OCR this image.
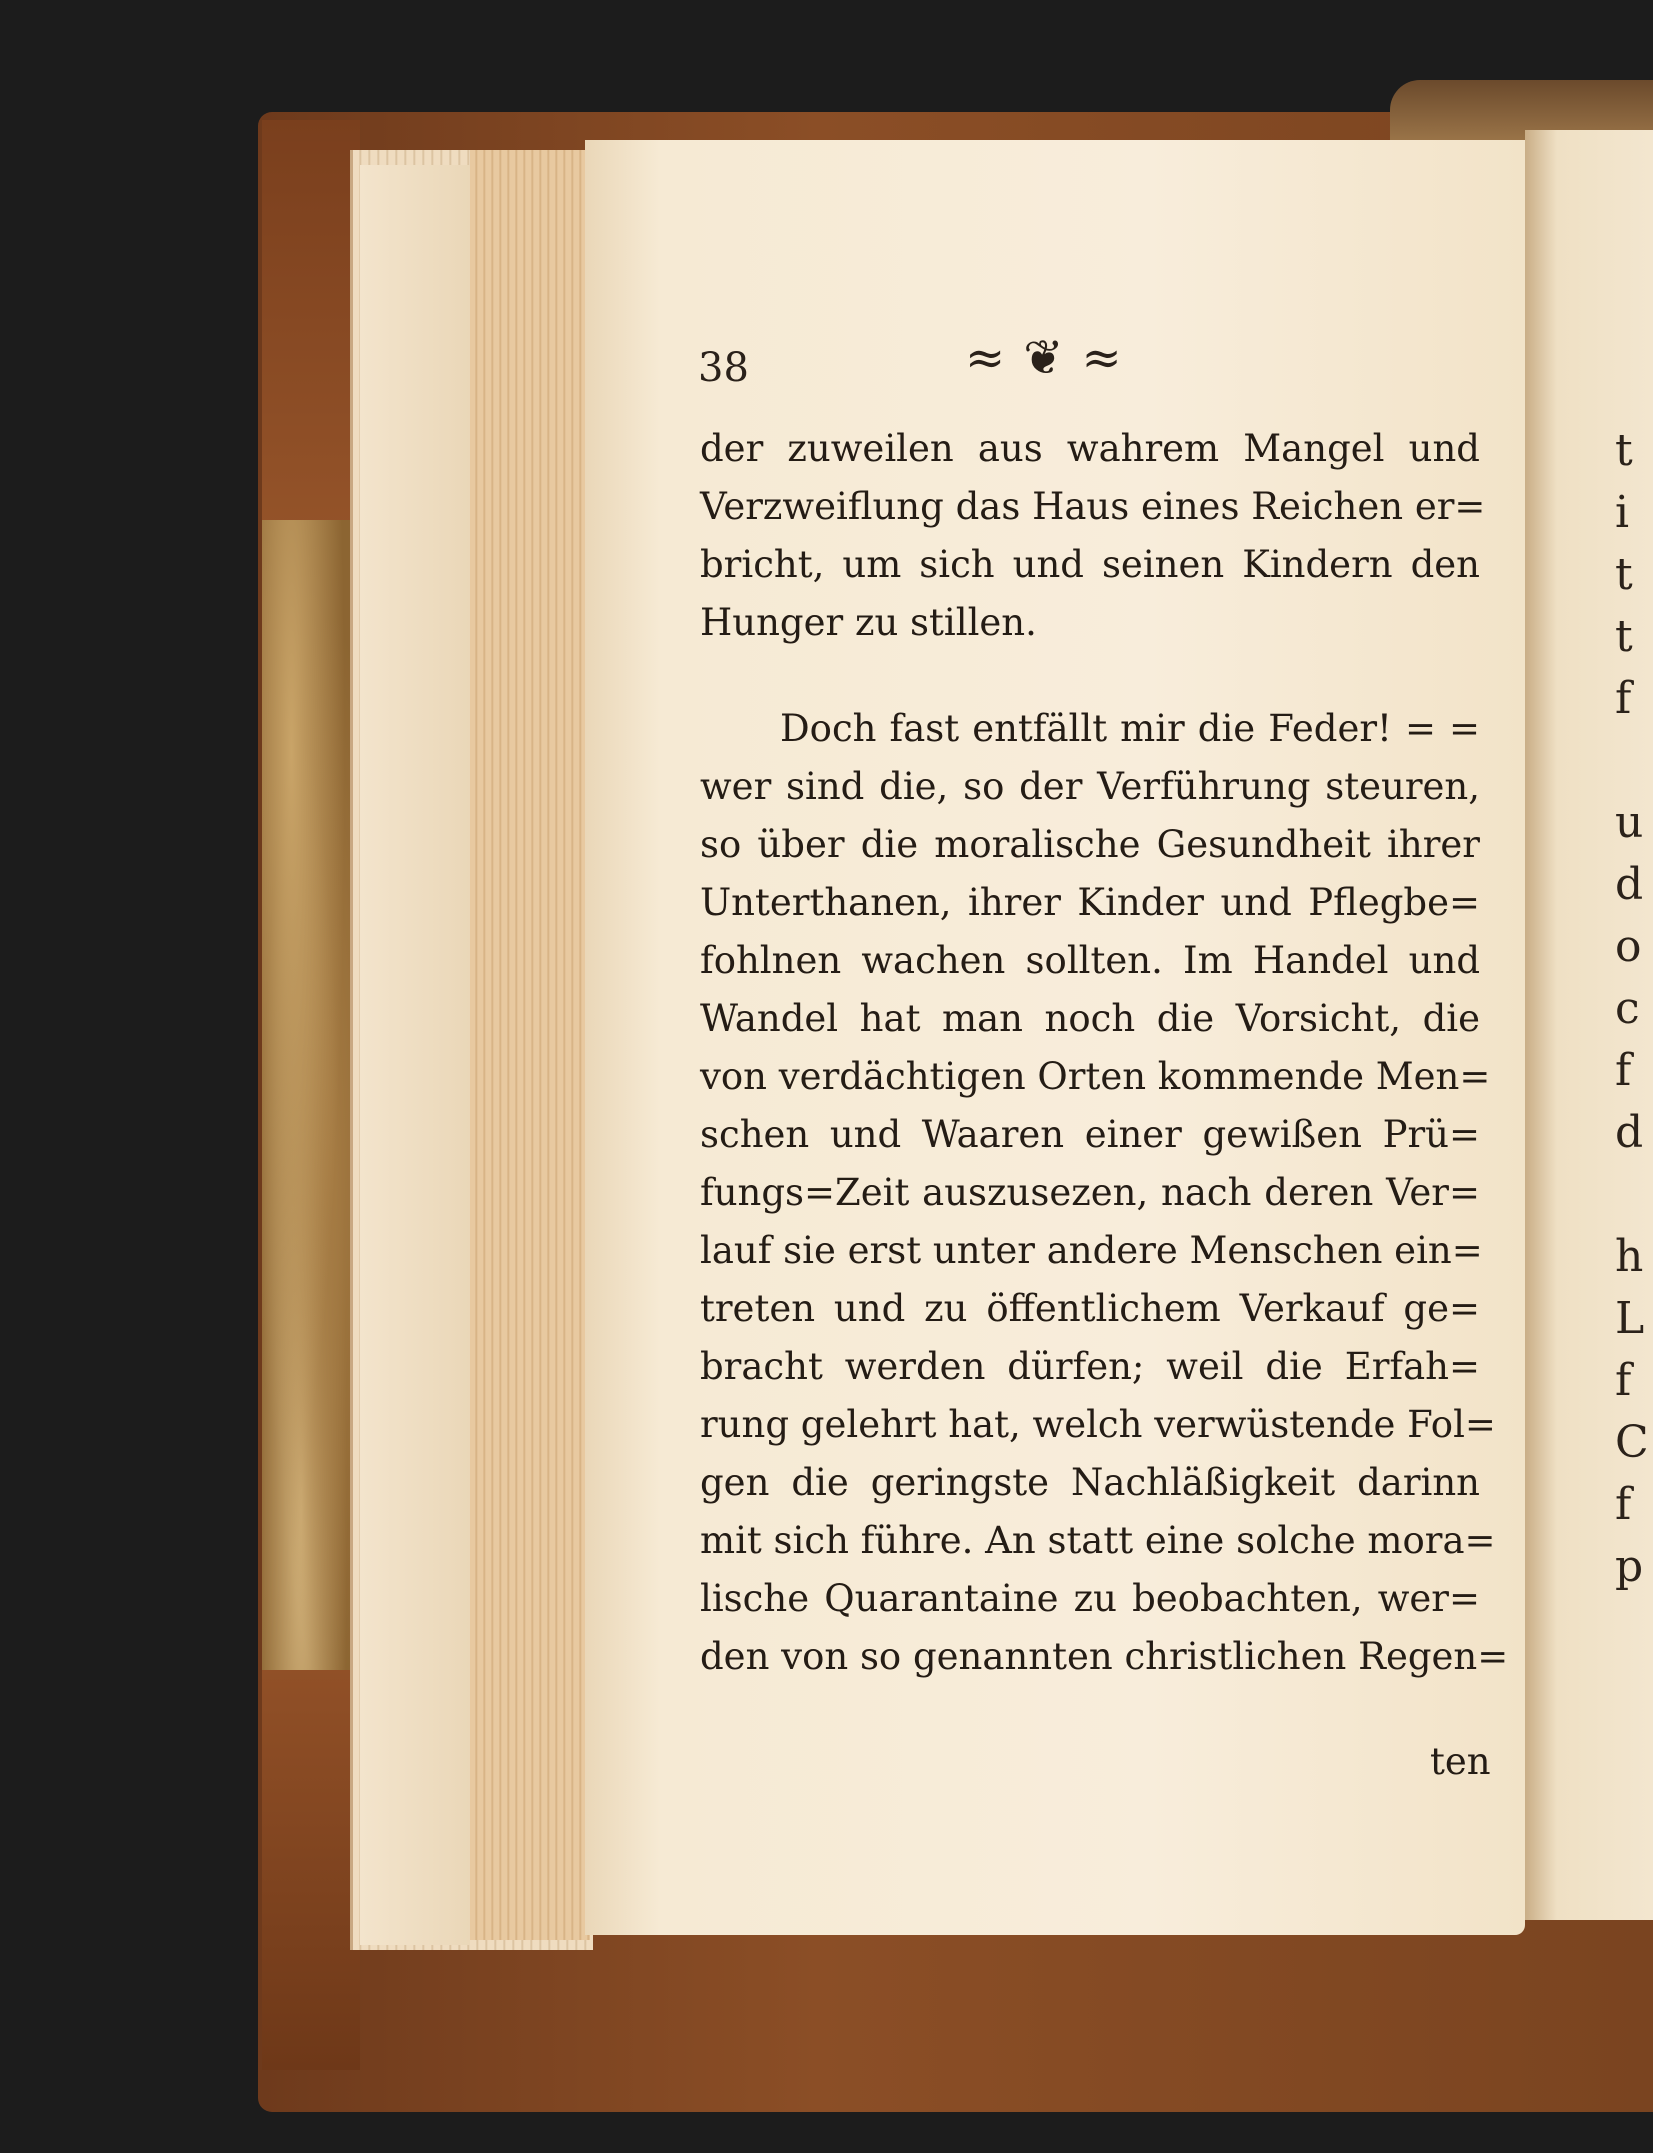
t
i
t
t
f

u
d
o
c
f
d

h
L
f
C
f
p
38	≈❦≈
der zuweilen aus wahrem Mangel und
Verzweiflung das Haus eines Reichen er=
bricht, um sich und seinen Kindern den
Hunger zu stillen.
Doch fast entfällt mir die Feder! = =
wer sind die, so der Verführung steuren,
so über die moralische Gesundheit ihrer
Unterthanen, ihrer Kinder und Pflegbe=
fohlnen wachen sollten. Im Handel und
Wandel hat man noch die Vorsicht, die
von verdächtigen Orten kommende Men=
schen und Waaren einer gewißen Prü=
fungs=Zeit auszusezen, nach deren Ver=
lauf sie erst unter andere Menschen ein=
treten und zu öffentlichem Verkauf ge=
bracht werden dürfen; weil die Erfah=
rung gelehrt hat, welch verwüstende Fol=
gen die geringste Nachläßigkeit darinn
mit sich führe. An statt eine solche mora=
lische Quarantaine zu beobachten, wer=
den von so genannten christlichen Regen=
ten
